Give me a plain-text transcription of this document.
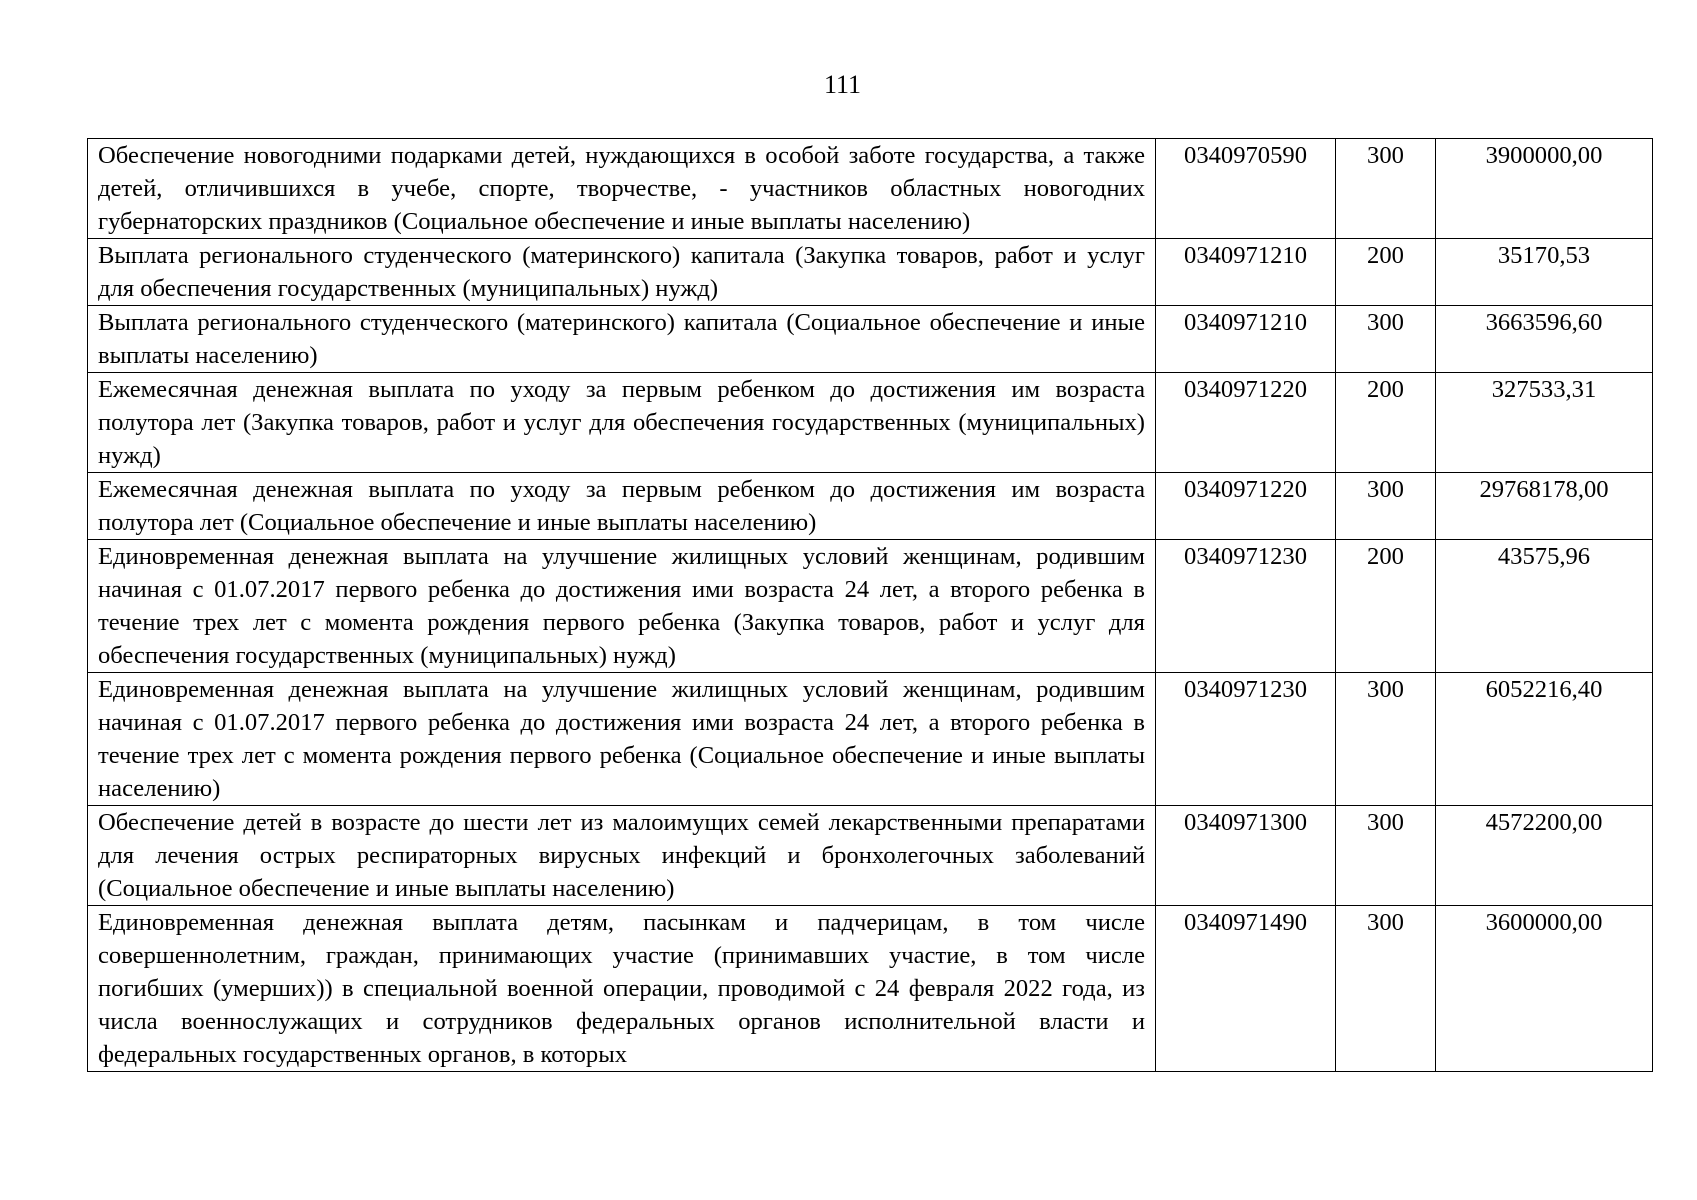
111
Обеспечение новогодними подарками детей, нуждающихся в особой заботе государства, а также детей, отличившихся в учебе, спорте, творчестве, - участников областных новогодних губернаторских праздников (Социальное обеспечение и иные выплаты населению)	0340970590	300	3900000,00
Выплата регионального студенческого (материнского) капитала (Закупка товаров, работ и услуг для обеспечения государственных (муниципальных) нужд)	0340971210	200	35170,53
Выплата регионального студенческого (материнского) капитала (Социальное обеспечение и иные выплаты населению)	0340971210	300	3663596,60
Ежемесячная денежная выплата по уходу за первым ребенком до достижения им возраста полутора лет (Закупка товаров, работ и услуг для обеспечения государственных (муниципальных) нужд)	0340971220	200	327533,31
Ежемесячная денежная выплата по уходу за первым ребенком до достижения им возраста полутора лет (Социальное обеспечение и иные выплаты населению)	0340971220	300	29768178,00
Единовременная денежная выплата на улучшение жилищных условий женщинам, родившим начиная с 01.07.2017 первого ребенка до достижения ими возраста 24 лет, а второго ребенка в течение трех лет с момента рождения первого ребенка (Закупка товаров, работ и услуг для обеспечения государственных (муниципальных) нужд)	0340971230	200	43575,96
Единовременная денежная выплата на улучшение жилищных условий женщинам, родившим начиная с 01.07.2017 первого ребенка до достижения ими возраста 24 лет, а второго ребенка в течение трех лет с момента рождения первого ребенка (Социальное обеспечение и иные выплаты населению)	0340971230	300	6052216,40
Обеспечение детей в возрасте до шести лет из малоимущих семей лекарственными препаратами для лечения острых респираторных вирусных инфекций и бронхолегочных заболеваний (Социальное обеспечение и иные выплаты населению)	0340971300	300	4572200,00
Единовременная денежная выплата детям, пасынкам и падчерицам, в том числе совершеннолетним, граждан, принимающих участие (принимавших участие, в том числе погибших (умерших)) в специальной военной операции, проводимой с 24 февраля 2022 года, из числа военнослужащих и сотрудников федеральных органов исполнительной власти и федеральных государственных органов, в которых	0340971490	300	3600000,00
